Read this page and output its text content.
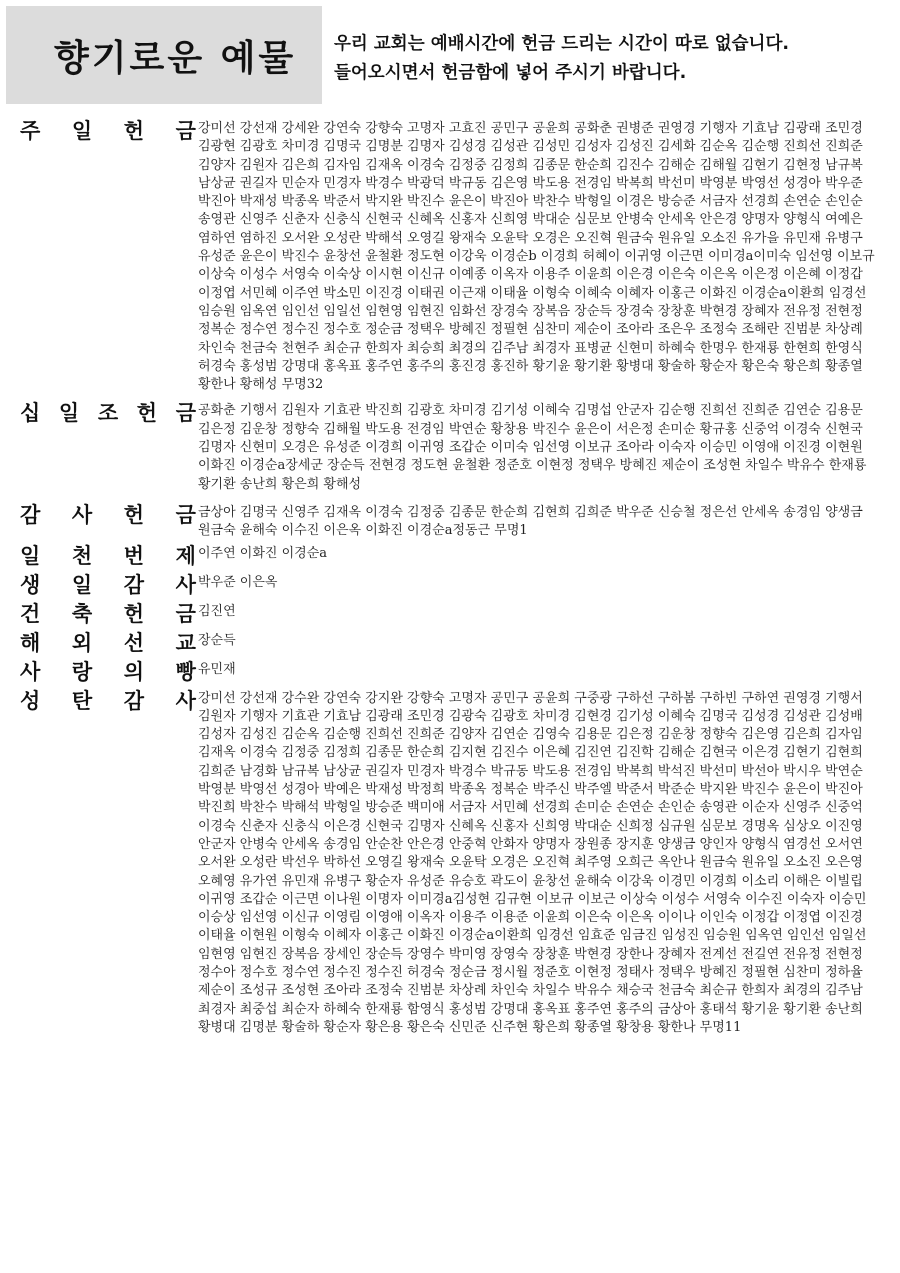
향기로운 예물 우리 교회는 예배시간에 헌금 드리는 시간이 따로 없습니다.
들어오시면서 헌금함에 넣어 주시기 바랍니다.
주 일 헌 금 강미선 강선재 강세완 강연숙 강향숙 고명자 고효진 공민구 공윤희 공화춘 권병준 권영경 기행자 기효남 김광래 조민경 김광현 김광호 차미경 김명국 김명분 김명자 김성경 김성관 김성민 김성자 김성진 김세화 김순옥 김순행 진희선 진희준 김양자 김원자 김은희 김자임 김재옥 이경숙 김정중 김정희 김종문 한순희 김진수 김해순 김해월 김현기 김현정 남규복 남상균 권길자 민순자 민경자 박경수 박광덕 박규동 김은영 박도용 전경임 박복희 박선미 박영분 박영선 성경아 박우준 박진아 박재성 박종옥 박준서 박지완 박진수 윤은이 박진아 박찬수 박형일 이경은 방승준 서금자 선경희 손연순 손인순 송영관 신영주 신춘자 신충식 신현국 신혜옥 신홍자 신희영 박대순 심문보 안병숙 안세옥 안은경 양명자 양형식 여예은 염하연 염하진 오서완 오성란 박해석 오영길 왕재숙 오윤탁 오경은 오진혁 원금숙 원유일 오소진 유가을 유민재 유병구 유성준 윤은이 박진수 윤창선 윤철환 정도현 이강욱 이경순b 이경희 허혜이 이귀영 이근면 이미경a이미숙 임선영 이보규 이상숙 이성수 서영숙 이숙상 이시현 이신규 이예종 이옥자 이용주 이윤희 이은경 이은숙 이은옥 이은정 이은혜 이정갑 이정엽 서민혜 이주연 박소민 이진경 이태권 이근재 이태율 이형숙 이혜숙 이혜자 이홍근 이화진 이경순a이환희 임경선 임승원 임옥연 임인선 임일선 임현영 임현진 임화선 장경숙 장복음 장순득 장경숙 장창훈 박현경 장혜자 전유정 전현정 정복순 정수연 정수진 정수호 정순금 정택우 방혜진 정필현 심찬미 제순이 조아라 조은우 조정숙 조해란 진범분 차상례 차인숙 천금숙 천현주 최순규 한희자 최승희 최경의 김주남 최경자 표병균 신현미 하혜숙 한명우 한재룡 한현희 한영식 허경숙 홍성범 강명대 홍옥표 홍주연 홍주의 홍진경 홍진하 황기윤 황기환 황병대 황술하 황순자 황은숙 황은희 황종열 황한나 황해성 무명32
십 일 조 헌 금 공화춘 기행서 김원자 기효관 박진희 김광호 차미경 김기성 이혜숙 김명섭 안군자 김순행 진희선 진희준 김연순 김용문 김은정 김운창 정향숙 김해월 박도용 전경임 박연순 황창용 박진수 윤은이 서은정 손미순 황규홍 신중억 이경숙 신현국 김명자 신현미 오경은 유성준 이경희 이귀영 조갑순 이미숙 임선영 이보규 조아라 이숙자 이승민 이영애 이진경 이현원 이화진 이경순a장세군 장순득 전현경 정도현 윤철환 정준호 이현정 정택우 방혜진 제순이 조성현 차일수 박유수 한재룡 황기환 송난희 황은희 황해성
감 사 헌 금 금상아 김명국 신영주 김재옥 이경숙 김정중 김종문 한순희 김현희 김희준 박우준 신승철 정은선 안세옥 송경임 양생금 원금숙 윤해숙 이수진 이은옥 이화진 이경순a정동근 무명1
일 천 번 제 이주연 이화진 이경순a
생 일 감 사 박우준 이은옥
건 축 헌 금 김진연
해 외 선 교 장순득
사 랑 의 빵 유민재
성 탄 감 사 강미선 강선재 강수완 강연숙 강지완 강향숙 고명자 공민구 공윤희 구중광 구하선 구하봄 구하빈 구하연 권영경 기행서 김원자 기행자 기효관 기효남 김광래 조민경 김광숙 김광호 차미경 김현경 김기성 이혜숙 김명국 김성경 김성관 김성배 김성자 김성진 김순옥 김순행 진희선 진희준 김양자 김연순 김영숙 김용문 김은정 김운창 정향숙 김은영 김은희 김자임 김재옥 이경숙 김정중 김정희 김종문 한순희 김지현 김진수 이은혜 김진연 김진학 김해순 김현국 이은경 김현기 김현희 김희준 남경화 남규복 남상균 권길자 민경자 박경수 박규동 박도용 전경임 박복희 박석진 박선미 박선아 박시우 박연순 박영분 박영선 성경아 박예은 박재성 박정희 박종옥 정복순 박주신 박주엘 박준서 박준순 박지완 박진수 윤은이 박진아 박진희 박찬수 박해석 박형일 방승준 백미애 서금자 서민혜 선경희 손미순 손연순 손인순 송영관 이순자 신영주 신중억 이경숙 신춘자 신충식 이은경 신현국 김명자 신혜옥 신홍자 신희영 박대순 신희정 심규원 심문보 경명옥 심상오 이진영 안군자 안병숙 안세옥 송경임 안순찬 안은경 안중혁 안화자 양명자 장원종 장지훈 양생금 양인자 양형식 염경선 오서연 오서완 오성란 박선우 박하선 오영길 왕재숙 오윤탁 오경은 오진혁 최주영 오희근 옥안나 원금숙 원유일 오소진 오은영 오혜영 유가연 유민재 유병구 황순자 유성준 유승호 곽도이 윤창선 윤해숙 이강욱 이경민 이경희 이소리 이해은 이빌립 이귀영 조갑순 이근면 이나원 이명자 이미경a김성현 김규현 이보규 이보근 이상숙 이성수 서영숙 이수진 이숙자 이승민 이승상 임선영 이신규 이영림 이영애 이옥자 이용주 이용준 이윤희 이은숙 이은옥 이이나 이인숙 이정갑 이정엽 이진경 이태율 이현원 이형숙 이혜자 이홍근 이화진 이경순a이환희 임경선 임효준 임금진 임성진 임승원 임옥연 임인선 임일선 임현영 임현진 장복음 장세인 장순득 장영수 박미영 장영숙 장창훈 박현경 장한나 장혜자 전계선 전길연 전유정 전현정 정수아 정수호 정수연 정수진 정수진 허경숙 정순금 정시월 정준호 이현정 정태사 정택우 방혜진 정필현 심찬미 정하율 제순이 조성규 조성현 조아라 조정숙 진범분 차상례 차인숙 차일수 박유수 채승국 천금숙 최순규 한희자 최경의 김주남 최경자 최중섭 최순자 하혜숙 한재룡 함영식 홍성범 강명대 홍옥표 홍주연 홍주의 금상아 홍태석 황기윤 황기환 송난희 황병대 김명분 황술하 황순자 황은용 황은숙 신민준 신주현 황은희 황종열 황창용 황한나 무명11
